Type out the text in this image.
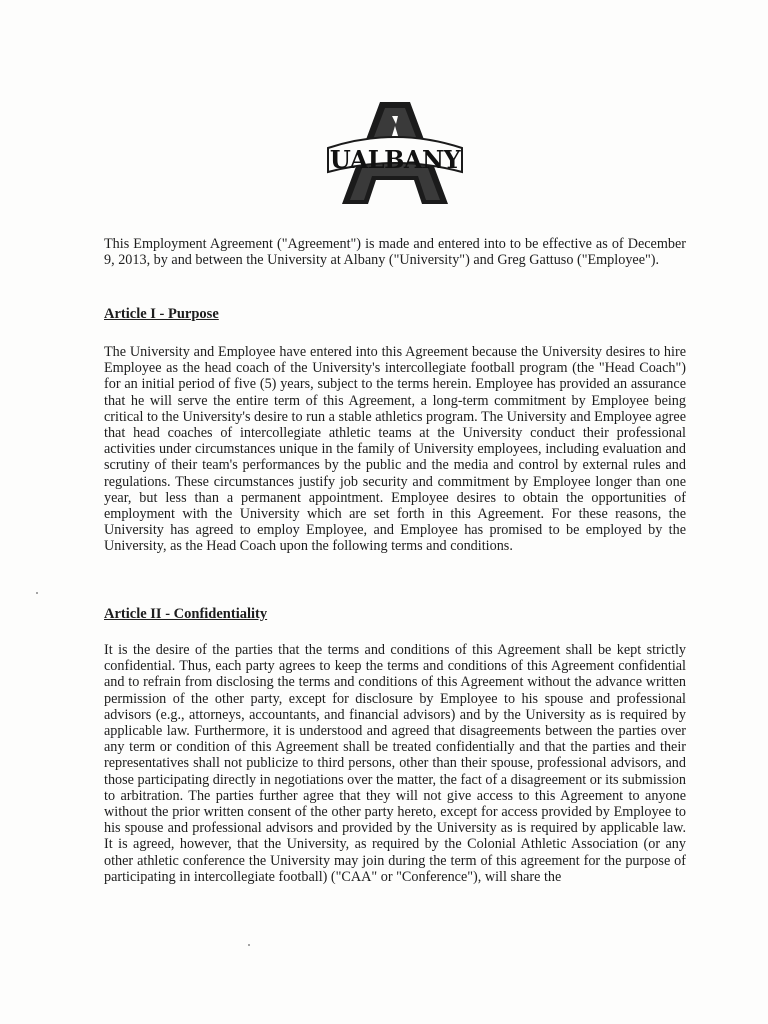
UALBANY

This Employment Agreement ("Agreement") is made and entered into to be effective as of December 9, 2013, by and between the University at Albany ("University") and Greg Gattuso ("Employee").

Article I - Purpose

The University and Employee have entered into this Agreement because the University desires to hire Employee as the head coach of the University's intercollegiate football program (the "Head Coach") for an initial period of five (5) years, subject to the terms herein. Employee has provided an assurance that he will serve the entire term of this Agreement, a long-term commitment by Employee being critical to the University's desire to run a stable athletics program. The University and Employee agree that head coaches of intercollegiate athletic teams at the University conduct their professional activities under circumstances unique in the family of University employees, including evaluation and scrutiny of their team's performances by the public and the media and control by external rules and regulations. These circumstances justify job security and commitment by Employee longer than one year, but less than a permanent appointment. Employee desires to obtain the opportunities of employment with the University which are set forth in this Agreement. For these reasons, the University has agreed to employ Employee, and Employee has promised to be employed by the University, as the Head Coach upon the following terms and conditions.

Article II - Confidentiality

It is the desire of the parties that the terms and conditions of this Agreement shall be kept strictly confidential. Thus, each party agrees to keep the terms and conditions of this Agreement confidential and to refrain from disclosing the terms and conditions of this Agreement without the advance written permission of the other party, except for disclosure by Employee to his spouse and professional advisors (e.g., attorneys, accountants, and financial advisors) and by the University as is required by applicable law. Furthermore, it is understood and agreed that disagreements between the parties over any term or condition of this Agreement shall be treated confidentially and that the parties and their representatives shall not publicize to third persons, other than their spouse, professional advisors, and those participating directly in negotiations over the matter, the fact of a disagreement or its submission to arbitration. The parties further agree that they will not give access to this Agreement to anyone without the prior written consent of the other party hereto, except for access provided by Employee to his spouse and professional advisors and provided by the University as is required by applicable law. It is agreed, however, that the University, as required by the Colonial Athletic Association (or any other athletic conference the University may join during the term of this agreement for the purpose of participating in intercollegiate football) ("CAA" or "Conference"), will share the
